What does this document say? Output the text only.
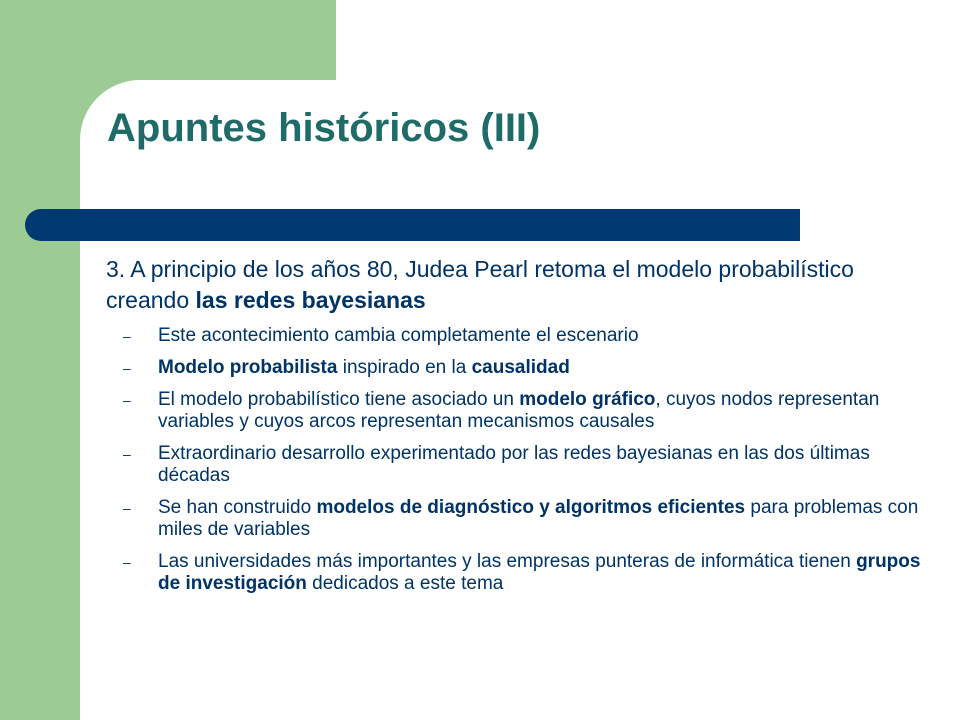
Apuntes históricos (III)

3. A principio de los años 80, Judea Pearl retoma el modelo probabilístico creando las redes bayesianas

– Este acontecimiento cambia completamente el escenario
– Modelo probabilista inspirado en la causalidad
– El modelo probabilístico tiene asociado un modelo gráfico, cuyos nodos representan variables y cuyos arcos representan mecanismos causales
– Extraordinario desarrollo experimentado por las redes bayesianas en las dos últimas décadas
– Se han construido modelos de diagnóstico y algoritmos eficientes para problemas con miles de variables
– Las universidades más importantes y las empresas punteras de informática tienen grupos de investigación dedicados a este tema
